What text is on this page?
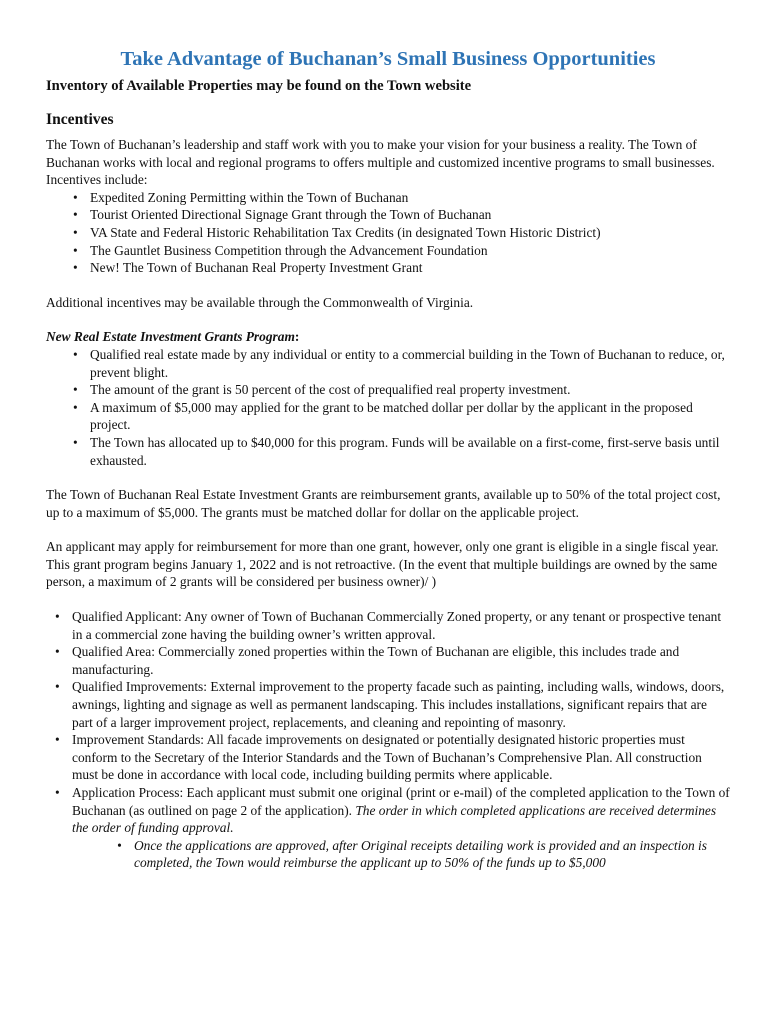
Take Advantage of Buchanan’s Small Business Opportunities
Inventory of Available Properties may be found on the Town website
Incentives

The Town of Buchanan’s leadership and staff work with you to make your vision for your business a reality. The Town of Buchanan works with local and regional programs to offers multiple and customized incentive programs to small businesses. Incentives include:

• Expedited Zoning Permitting within the Town of Buchanan
• Tourist Oriented Directional Signage Grant through the Town of Buchanan
• VA State and Federal Historic Rehabilitation Tax Credits (in designated Town Historic District)
• The Gauntlet Business Competition through the Advancement Foundation
• New! The Town of Buchanan Real Property Investment Grant

Additional incentives may be available through the Commonwealth of Virginia.

New Real Estate Investment Grants Program:

• Qualified real estate made by any individual or entity to a commercial building in the Town of Buchanan to reduce, or, prevent blight.
• The amount of the grant is 50 percent of the cost of prequalified real property investment.
• A maximum of $5,000 may applied for the grant to be matched dollar per dollar by the applicant in the proposed project.
• The Town has allocated up to $40,000 for this program. Funds will be available on a first-come, first-serve basis until exhausted.

The Town of Buchanan Real Estate Investment Grants are reimbursement grants, available up to 50% of the total project cost, up to a maximum of $5,000. The grants must be matched dollar for dollar on the applicable project.

An applicant may apply for reimbursement for more than one grant, however, only one grant is eligible in a single fiscal year. This grant program begins January 1, 2022 and is not retroactive. (In the event that multiple buildings are owned by the same person, a maximum of 2 grants will be considered per business owner)/ )

• Qualified Applicant: Any owner of Town of Buchanan Commercially Zoned property, or any tenant or prospective tenant in a commercial zone having the building owner’s written approval.
• Qualified Area: Commercially zoned properties within the Town of Buchanan are eligible, this includes trade and manufacturing.
• Qualified Improvements: External improvement to the property facade such as painting, including walls, windows, doors, awnings, lighting and signage as well as permanent landscaping. This includes installations, significant repairs that are part of a larger improvement project, replacements, and cleaning and repointing of masonry.
• Improvement Standards: All facade improvements on designated or potentially designated historic properties must conform to the Secretary of the Interior Standards and the Town of Buchanan’s Comprehensive Plan. All construction must be done in accordance with local code, including building permits where applicable.
• Application Process: Each applicant must submit one original (print or e-mail) of the completed application to the Town of Buchanan (as outlined on page 2 of the application). The order in which completed applications are received determines the order of funding approval.
• Once the applications are approved, after Original receipts detailing work is provided and an inspection is completed, the Town would reimburse the applicant up to 50% of the funds up to $5,000
